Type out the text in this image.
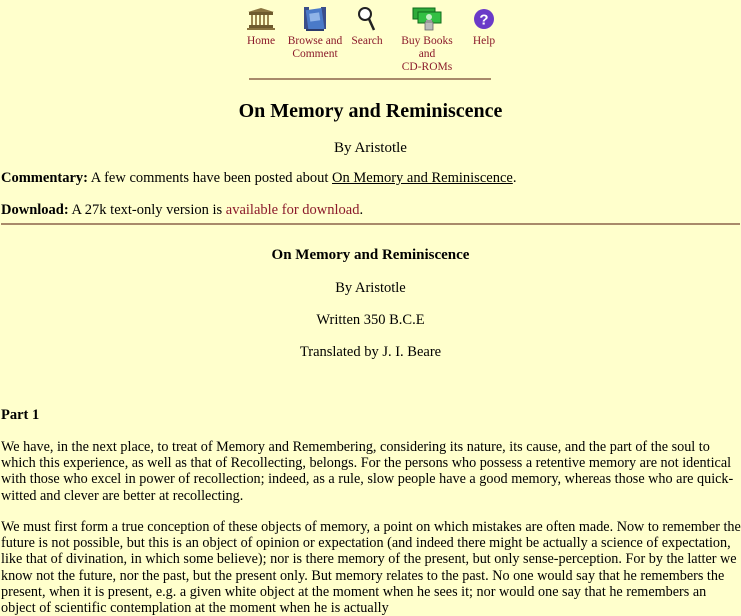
Home Browse and
Comment
Search	Buy Books and
CD-ROMs
?
Help
On Memory and Reminiscence
By Aristotle
Commentary: A few comments have been posted about On Memory and Reminiscence.
Download: A 27k text-only version is available for download.
On Memory and Reminiscence
By Aristotle
Written 350 B.C.E
Translated by J. I. Beare
Part 1

We have, in the next place, to treat of Memory and Remembering, considering its nature, its cause, and the part of the soul to which this experience, as well as that of Recollecting, belongs. For the persons who possess a retentive memory are not identical with those who excel in power of recollection; indeed, as a rule, slow people have a good memory, whereas those who are quick-witted and clever are better at recollecting.

We must first form a true conception of these objects of memory, a point on which mistakes are often made. Now to remember the future is not possible, but this is an object of opinion or expectation (and indeed there might be actually a science of expectation, like that of divination, in which some believe); nor is there memory of the present, but only sense-perception. For by the latter we know not the future, nor the past, but the present only. But memory relates to the past. No one would say that he remembers the present, when it is present, e.g. a given white object at the moment when he sees it; nor would one say that he remembers an object of scientific contemplation at the moment when he is actually
